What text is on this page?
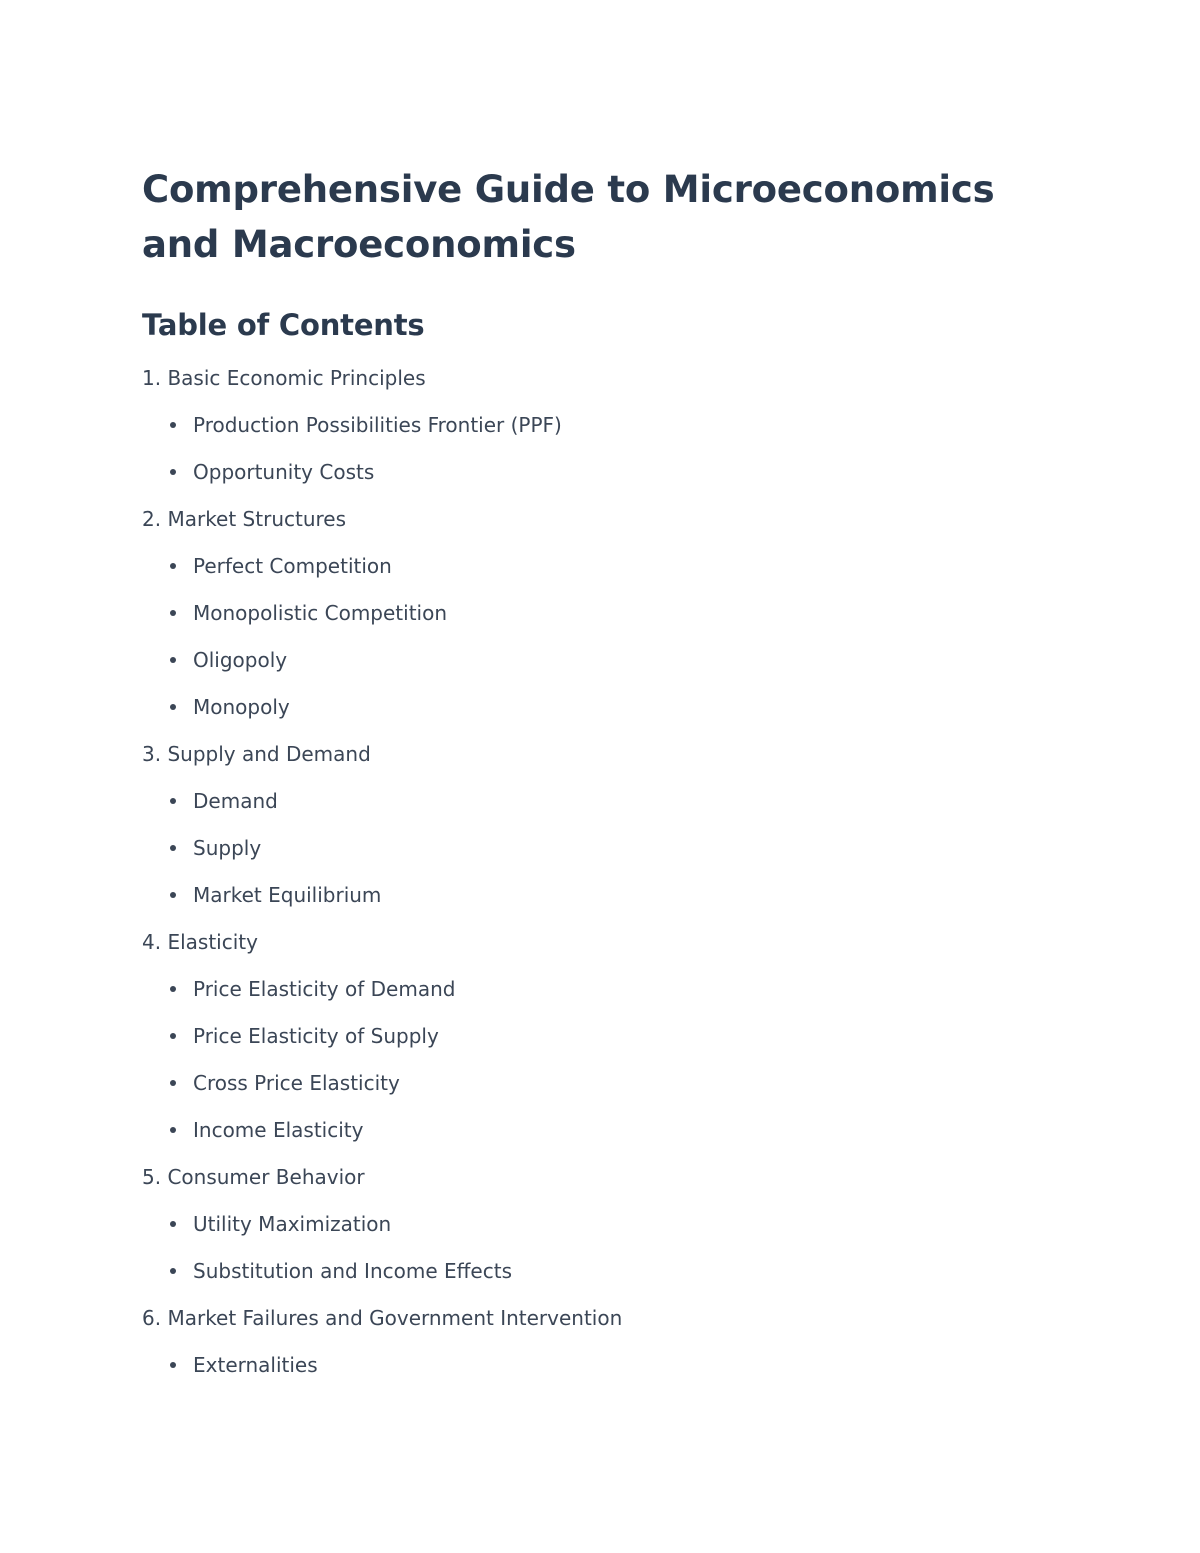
Comprehensive Guide to Microeconomics and Macroeconomics
Table of Contents
1. Basic Economic Principles
Production Possibilities Frontier (PPF)
Opportunity Costs
2. Market Structures
Perfect Competition
Monopolistic Competition
Oligopoly
Monopoly
3. Supply and Demand
Demand
Supply
Market Equilibrium
4. Elasticity
Price Elasticity of Demand
Price Elasticity of Supply
Cross Price Elasticity
Income Elasticity
5. Consumer Behavior
Utility Maximization
Substitution and Income Effects
6. Market Failures and Government Intervention
Externalities
